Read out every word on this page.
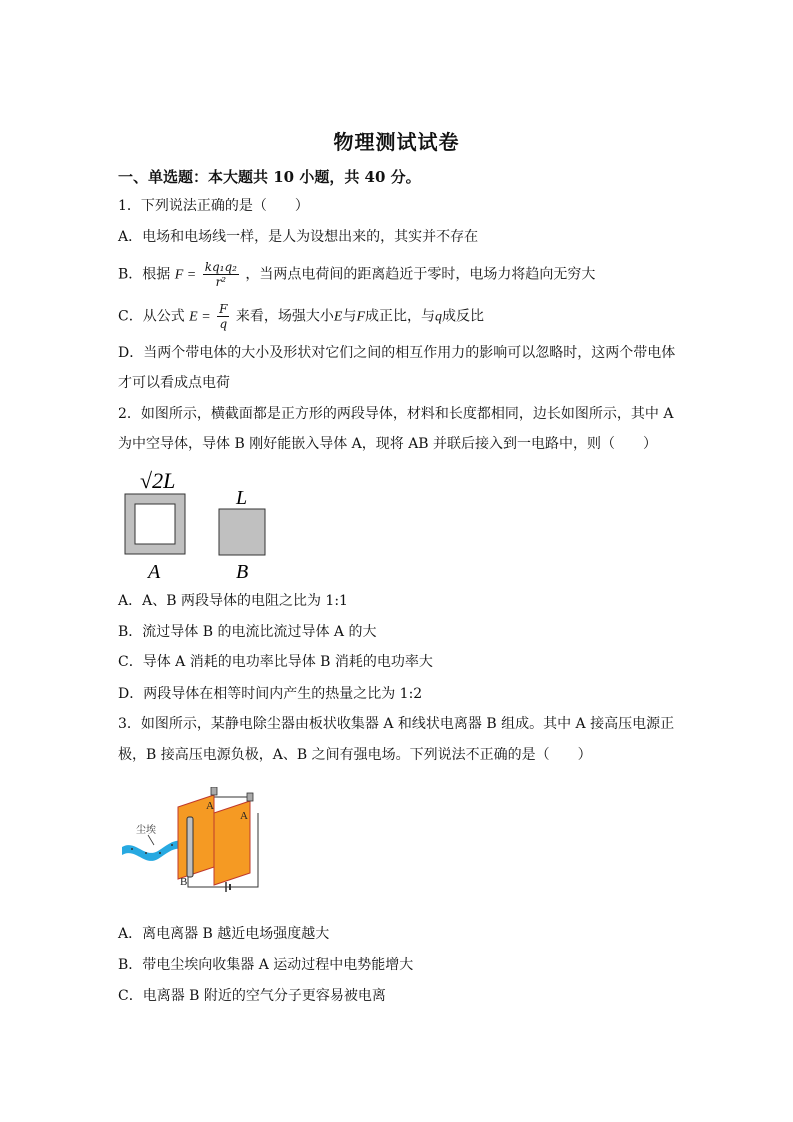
物理测试试卷
一、单选题：本大题共 10 小题，共 40 分。
1．下列说法正确的是（　　）
A．电场和电场线一样，是人为设想出来的，其实并不存在
B．根据 $F = \frac{\text{kq₁q₂}}{\text{r²}}$ ，当两点电荷间的距离趋近于零时，电场力将趋向无穷大
C．从公式 $E = \frac{F}{q}$ 来看，场强大小E与F成正比，与q成反比
D．当两个带电体的大小及形状对它们之间的相互作用力的影响可以忽略时，这两个带电体
才可以看成点电荷
2．如图所示，横截面都是正方形的两段导体，材料和长度都相同，边长如图所示，其中 A
为中空导体，导体 B 刚好能嵌入导体 A，现将 AB 并联后接入到一电路中，则（　　）
√2L
L
A	B
A．A、B 两段导体的电阻之比为 1:1
B．流过导体 B 的电流比流过导体 A 的大
C．导体 A 消耗的电功率比导体 B 消耗的电功率大
D．两段导体在相等时间内产生的热量之比为 1:2
3．如图所示，某静电除尘器由板状收集器 A 和线状电离器 B 组成。其中 A 接高压电源正
极，B 接高压电源负极，A、B 之间有强电场。下列说法不正确的是（　　）
尘埃
A
A
B
A．离电离器 B 越近电场强度越大
B．带电尘埃向收集器 A 运动过程中电势能增大
C．电离器 B 附近的空气分子更容易被电离
